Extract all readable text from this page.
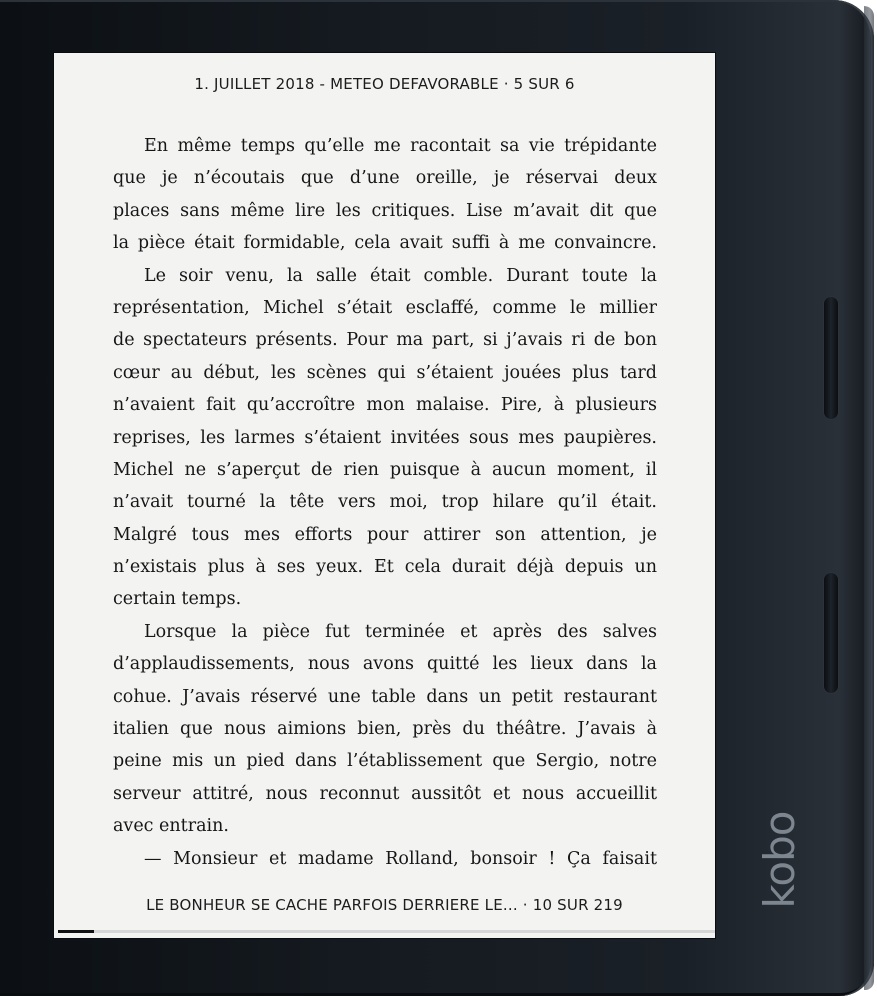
1. JUILLET 2018 - METEO DEFAVORABLE · 5 SUR 6
En même temps qu’elle me racontait sa vie trépidante
que je n’écoutais que d’une oreille, je réservai deux
places sans même lire les critiques. Lise m’avait dit que
la pièce était formidable, cela avait suffi à me convaincre.
Le soir venu, la salle était comble. Durant toute la
représentation, Michel s’était esclaffé, comme le millier
de spectateurs présents. Pour ma part, si j’avais ri de bon
cœur au début, les scènes qui s’étaient jouées plus tard
n’avaient fait qu’accroître mon malaise. Pire, à plusieurs
reprises, les larmes s’étaient invitées sous mes paupières.
Michel ne s’aperçut de rien puisque à aucun moment, il
n’avait tourné la tête vers moi, trop hilare qu’il était.
Malgré tous mes efforts pour attirer son attention, je
n’existais plus à ses yeux. Et cela durait déjà depuis un
certain temps.
Lorsque la pièce fut terminée et après des salves
d’applaudissements, nous avons quitté les lieux dans la
cohue. J’avais réservé une table dans un petit restaurant
italien que nous aimions bien, près du théâtre. J’avais à
peine mis un pied dans l’établissement que Sergio, notre
serveur attitré, nous reconnut aussitôt et nous accueillit
avec entrain.
— Monsieur et madame Rolland, bonsoir ! Ça faisait
LE BONHEUR SE CACHE PARFOIS DERRIERE LE... · 10 SUR 219	kobo
